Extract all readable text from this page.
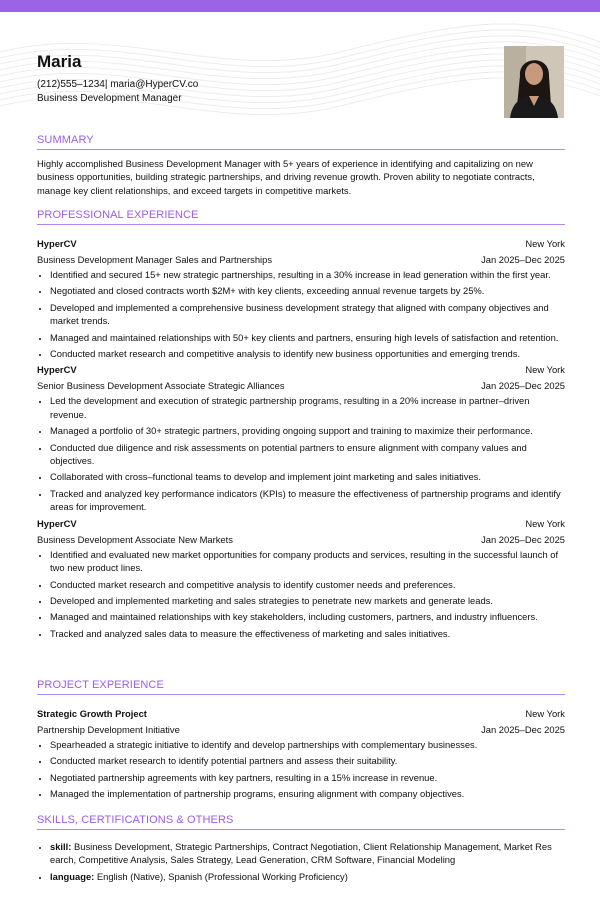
Maria
(212)555–1234| maria@HyperCV.co
Business Development Manager
SUMMARY
Highly accomplished Business Development Manager with 5+ years of experience in identifying and capitalizing on new business opportunities, building strategic partnerships, and driving revenue growth. Proven ability to negotiate contracts, manage key client relationships, and exceed targets in competitive markets.
PROFESSIONAL EXPERIENCE
HyperCV	New York
Business Development Manager Sales and Partnerships	Jan 2025–Dec 2025
• Identified and secured 15+ new strategic partnerships, resulting in a 30% increase in lead generation within the first year.
• Negotiated and closed contracts worth $2M+ with key clients, exceeding annual revenue targets by 25%.
• Developed and implemented a comprehensive business development strategy that aligned with company objectives and market trends.
• Managed and maintained relationships with 50+ key clients and partners, ensuring high levels of satisfaction and retention.
• Conducted market research and competitive analysis to identify new business opportunities and emerging trends.
HyperCV	New York
Senior Business Development Associate Strategic Alliances	Jan 2025–Dec 2025
• Led the development and execution of strategic partnership programs, resulting in a 20% increase in partner–driven revenue.
• Managed a portfolio of 30+ strategic partners, providing ongoing support and training to maximize their performance.
• Conducted due diligence and risk assessments on potential partners to ensure alignment with company values and objectives.
• Collaborated with cross–functional teams to develop and implement joint marketing and sales initiatives.
• Tracked and analyzed key performance indicators (KPIs) to measure the effectiveness of partnership programs and identify areas for improvement.
HyperCV	New York
Business Development Associate New Markets	Jan 2025–Dec 2025
• Identified and evaluated new market opportunities for company products and services, resulting in the successful launch of two new product lines.
• Conducted market research and competitive analysis to identify customer needs and preferences.
• Developed and implemented marketing and sales strategies to penetrate new markets and generate leads.
• Managed and maintained relationships with key stakeholders, including customers, partners, and industry influencers.
• Tracked and analyzed sales data to measure the effectiveness of marketing and sales initiatives.
PROJECT EXPERIENCE
Strategic Growth Project	New York
Partnership Development Initiative	Jan 2025–Dec 2025
• Spearheaded a strategic initiative to identify and develop partnerships with complementary businesses.
• Conducted market research to identify potential partners and assess their suitability.
• Negotiated partnership agreements with key partners, resulting in a 15% increase in revenue.
• Managed the implementation of partnership programs, ensuring alignment with company objectives.
SKILLS, CERTIFICATIONS & OTHERS
• skill: Business Development, Strategic Partnerships, Contract Negotiation, Client Relationship Management, Market Res earch, Competitive Analysis, Sales Strategy, Lead Generation, CRM Software, Financial Modeling
• language: English (Native), Spanish (Professional Working Proficiency)
